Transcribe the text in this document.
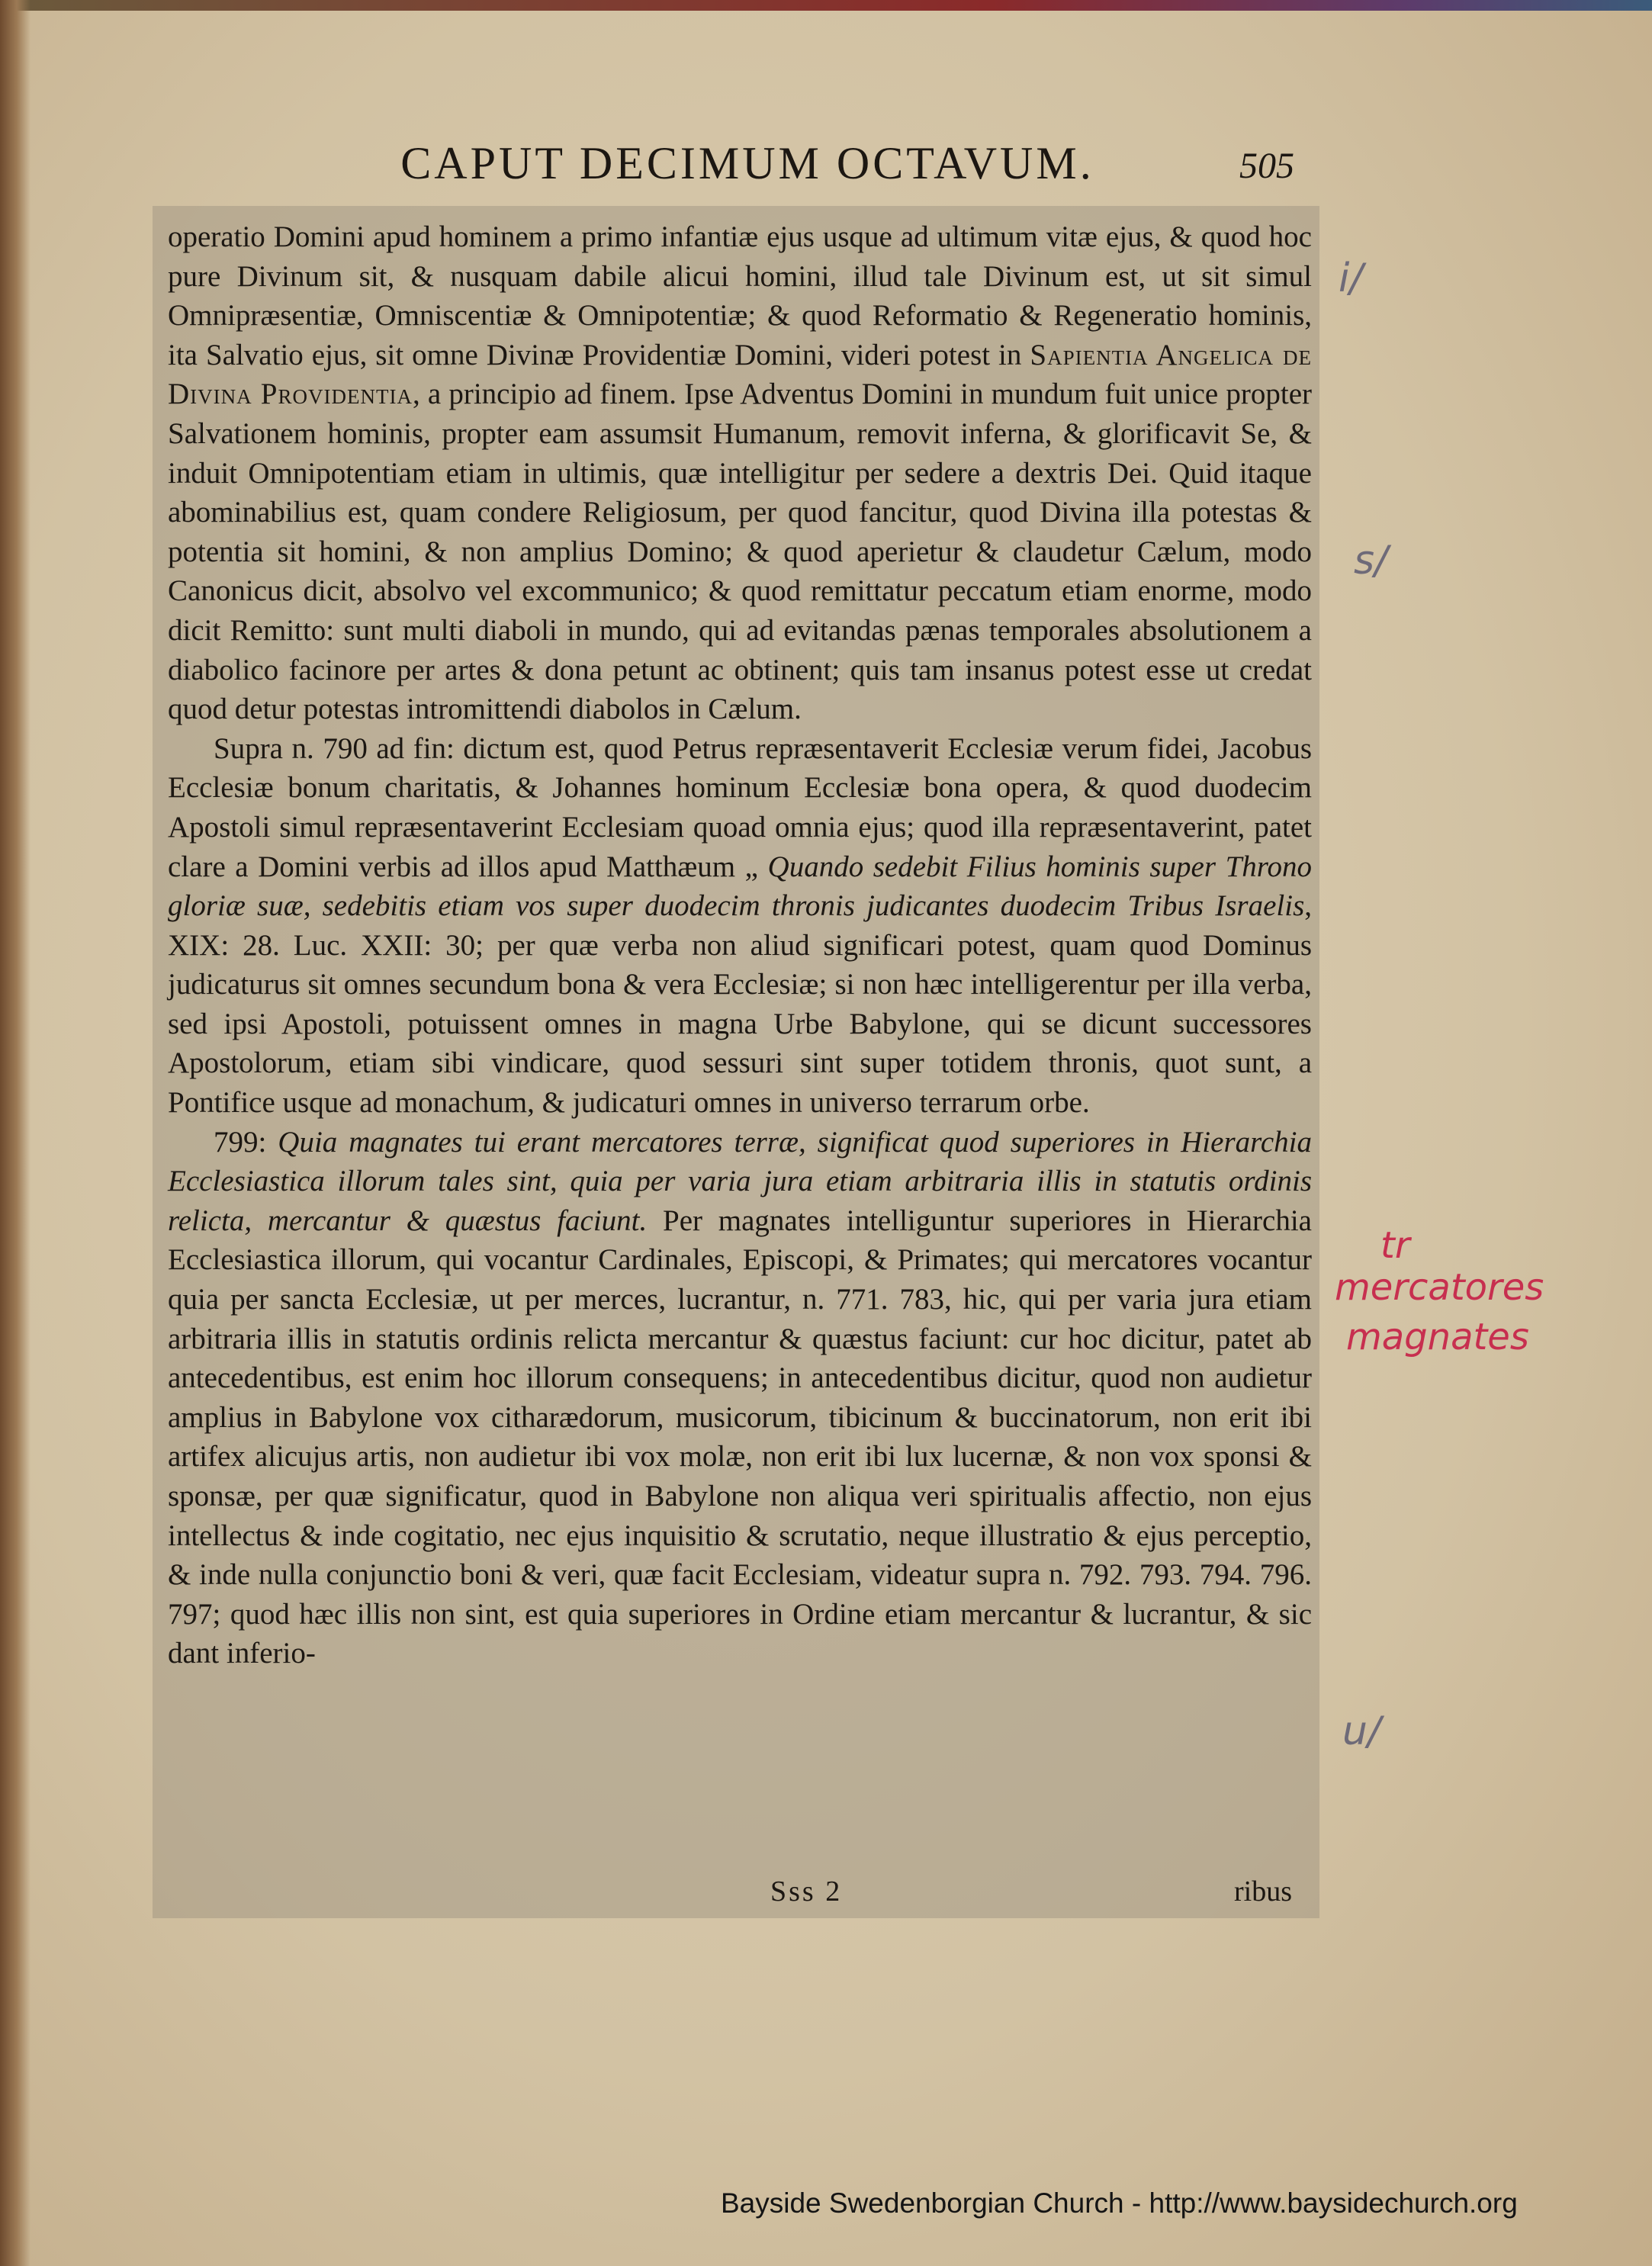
CAPUT DECIMUM OCTAVUM.	505

operatio Domini apud hominem a primo infantiæ ejus usque ad ultimum vitæ ejus, & quod hoc pure Divinum sit, & nusquam dabile alicui homini, illud tale Divinum est, ut sit simul Omnipræsentiæ, Omniscentiæ & Omnipotentiæ; & quod Reformatio & Regeneratio hominis, ita Salvatio ejus, sit omne Divinæ Providentiæ Domini, videri potest in Sapientia Angelica de Divina Providentia, a principio ad finem. Ipse Adventus Domini in mundum fuit unice propter Salvationem hominis, propter eam assumsit Humanum, removit inferna, & glorificavit Se, & induit Omnipotentiam etiam in ultimis, quæ intelligitur per sedere a dextris Dei. Quid itaque abominabilius est, quam condere Religiosum, per quod fancitur, quod Divina illa potestas & potentia sit homini, & non amplius Domino; & quod aperietur & claudetur Cælum, modo Canonicus dicit, absolvo vel excommunico; & quod remittatur peccatum etiam enorme, modo dicit Remitto: sunt multi diaboli in mundo, qui ad evitandas pænas temporales absolutionem a diabolico facinore per artes & dona petunt ac obtinent; quis tam insanus potest esse ut credat quod detur potestas intromittendi diabolos in Cælum.

Supra n. 790 ad fin: dictum est, quod Petrus repræsentaverit Ecclesiæ verum fidei, Jacobus Ecclesiæ bonum charitatis, & Johannes hominum Ecclesiæ bona opera, & quod duodecim Apostoli simul repræsentaverint Ecclesiam quoad omnia ejus; quod illa repræsentaverint, patet clare a Domini verbis ad illos apud Matthæum „ Quando sedebit Filius hominis super Throno gloriæ suæ, sedebitis etiam vos super duodecim thronis judicantes duodecim Tribus Israelis, XIX: 28. Luc. XXII: 30; per quæ verba non aliud significari potest, quam quod Dominus judicaturus sit omnes secundum bona & vera Ecclesiæ; si non hæc intelligerentur per illa verba, sed ipsi Apostoli, potuissent omnes in magna Urbe Babylone, qui se dicunt successores Apostolorum, etiam sibi vindicare, quod sessuri sint super totidem thronis, quot sunt, a Pontifice usque ad monachum, & judicaturi omnes in universo terrarum orbe.

799: Quia magnates tui erant mercatores terræ, significat quod superiores in Hierarchia Ecclesiastica illorum tales sint, quia per varia jura etiam arbitraria illis in statutis ordinis relicta, mercantur & quæstus faciunt. Per magnates intelliguntur superiores in Hierarchia Ecclesiastica illorum, qui vocantur Cardinales, Episcopi, & Primates; qui mercatores vocantur quia per sancta Ecclesiæ, ut per merces, lucrantur, n. 771. 783, hic, qui per varia jura etiam arbitraria illis in statutis ordinis relicta mercantur & quæstus faciunt: cur hoc dicitur, patet ab antecedentibus, est enim hoc illorum consequens; in antecedentibus dicitur, quod non audietur amplius in Babylone vox citharædorum, musicorum, tibicinum & buccinatorum, non erit ibi artifex alicujus artis, non audietur ibi vox molæ, non erit ibi lux lucernæ, & non vox sponsi & sponsæ, per quæ significatur, quod in Babylone non aliqua veri spiritualis affectio, non ejus intellectus & inde cogitatio, nec ejus inquisitio & scrutatio, neque illustratio & ejus perceptio, & inde nulla conjunctio boni & veri, quæ facit Ecclesiam, videatur supra n. 792. 793. 794. 796. 797; quod hæc illis non sint, est quia superiores in Ordine etiam mercantur & lucrantur, & sic dant inferio-

Sss 2	ribus
i/
s/
u/
tr
mercatores
magnates
Bayside Swedenborgian Church - http://www.baysidechurch.org
